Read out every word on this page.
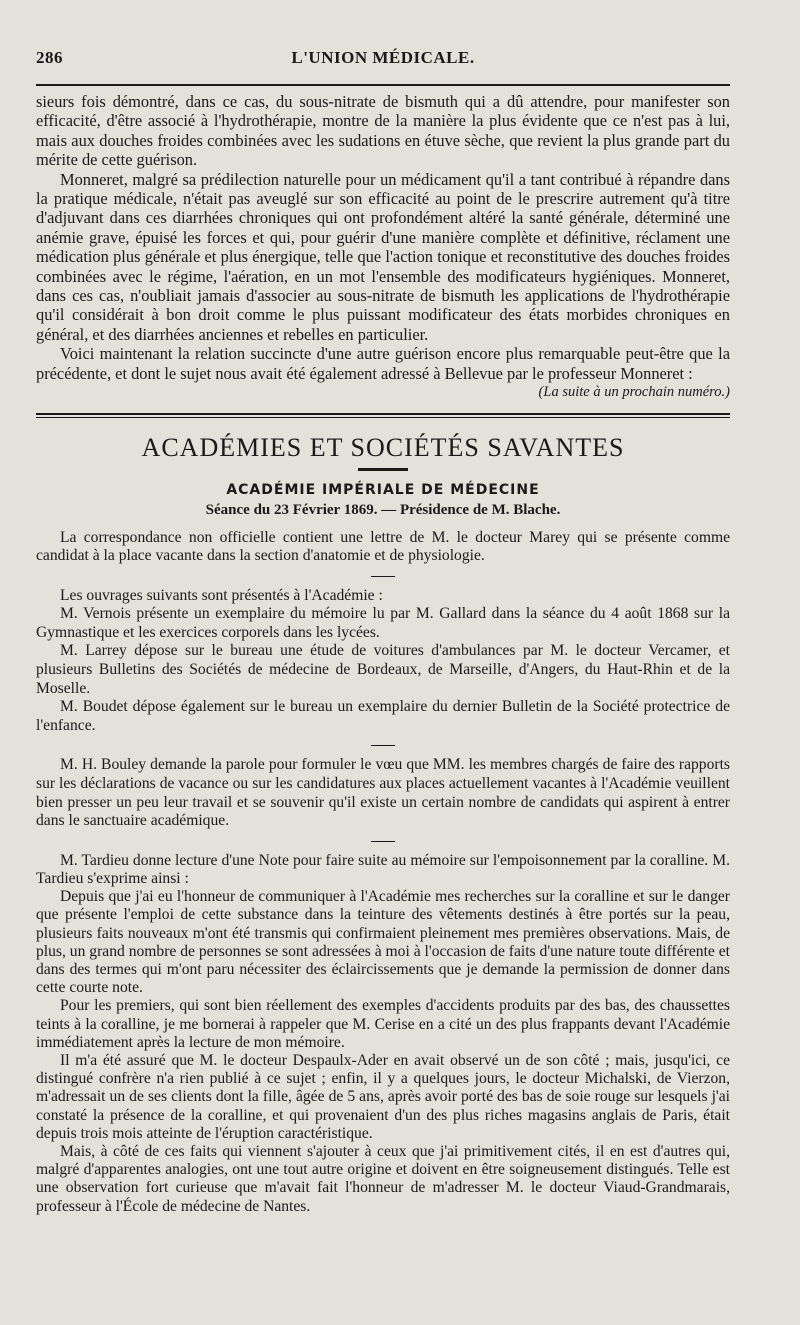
286	L'UNION MÉDICALE.

sieurs fois démontré, dans ce cas, du sous-nitrate de bismuth qui a dû attendre, pour manifester son efficacité, d'être associé à l'hydrothérapie, montre de la manière la plus évidente que ce n'est pas à lui, mais aux douches froides combinées avec les sudations en étuve sèche, que revient la plus grande part du mérite de cette guérison.

Monneret, malgré sa prédilection naturelle pour un médicament qu'il a tant contribué à répandre dans la pratique médicale, n'était pas aveuglé sur son efficacité au point de le prescrire autrement qu'à titre d'adjuvant dans ces diarrhées chroniques qui ont profondément altéré la santé générale, déterminé une anémie grave, épuisé les forces et qui, pour guérir d'une manière complète et définitive, réclament une médication plus générale et plus énergique, telle que l'action tonique et reconstitutive des douches froides combinées avec le régime, l'aération, en un mot l'ensemble des modificateurs hygiéniques. Monneret, dans ces cas, n'oubliait jamais d'associer au sous-nitrate de bismuth les applications de l'hydrothérapie qu'il considérait à bon droit comme le plus puissant modificateur des états morbides chroniques en général, et des diarrhées anciennes et rebelles en particulier.

Voici maintenant la relation succincte d'une autre guérison encore plus remarquable peut-être que la précédente, et dont le sujet nous avait été également adressé à Bellevue par le professeur Monneret :

(La suite à un prochain numéro.)

ACADÉMIES ET SOCIÉTÉS SAVANTES
ACADÉMIE IMPÉRIALE DE MÉDECINE
Séance du 23 Février 1869. — Présidence de M. Blache.

La correspondance non officielle contient une lettre de M. le docteur Marey qui se présente comme candidat à la place vacante dans la section d'anatomie et de physiologie.

Les ouvrages suivants sont présentés à l'Académie :

M. Vernois présente un exemplaire du mémoire lu par M. Gallard dans la séance du 4 août 1868 sur la Gymnastique et les exercices corporels dans les lycées.

M. Larrey dépose sur le bureau une étude de voitures d'ambulances par M. le docteur Vercamer, et plusieurs Bulletins des Sociétés de médecine de Bordeaux, de Marseille, d'Angers, du Haut-Rhin et de la Moselle.

M. Boudet dépose également sur le bureau un exemplaire du dernier Bulletin de la Société protectrice de l'enfance.

M. H. Bouley demande la parole pour formuler le vœu que MM. les membres chargés de faire des rapports sur les déclarations de vacance ou sur les candidatures aux places actuellement vacantes à l'Académie veuillent bien presser un peu leur travail et se souvenir qu'il existe un certain nombre de candidats qui aspirent à entrer dans le sanctuaire académique.

M. Tardieu donne lecture d'une Note pour faire suite au mémoire sur l'empoisonnement par la coralline. M. Tardieu s'exprime ainsi :

Depuis que j'ai eu l'honneur de communiquer à l'Académie mes recherches sur la coralline et sur le danger que présente l'emploi de cette substance dans la teinture des vêtements destinés à être portés sur la peau, plusieurs faits nouveaux m'ont été transmis qui confirmaient pleinement mes premières observations. Mais, de plus, un grand nombre de personnes se sont adressées à moi à l'occasion de faits d'une nature toute différente et dans des termes qui m'ont paru nécessiter des éclaircissements que je demande la permission de donner dans cette courte note.

Pour les premiers, qui sont bien réellement des exemples d'accidents produits par des bas, des chaussettes teints à la coralline, je me bornerai à rappeler que M. Cerise en a cité un des plus frappants devant l'Académie immédiatement après la lecture de mon mémoire.

Il m'a été assuré que M. le docteur Despaulx-Ader en avait observé un de son côté ; mais, jusqu'ici, ce distingué confrère n'a rien publié à ce sujet ; enfin, il y a quelques jours, le docteur Michalski, de Vierzon, m'adressait un de ses clients dont la fille, âgée de 5 ans, après avoir porté des bas de soie rouge sur lesquels j'ai constaté la présence de la coralline, et qui provenaient d'un des plus riches magasins anglais de Paris, était depuis trois mois atteinte de l'éruption caractéristique.

Mais, à côté de ces faits qui viennent s'ajouter à ceux que j'ai primitivement cités, il en est d'autres qui, malgré d'apparentes analogies, ont une tout autre origine et doivent en être soigneusement distingués. Telle est une observation fort curieuse que m'avait fait l'honneur de m'adresser M. le docteur Viaud-Grandmarais, professeur à l'École de médecine de Nantes.
